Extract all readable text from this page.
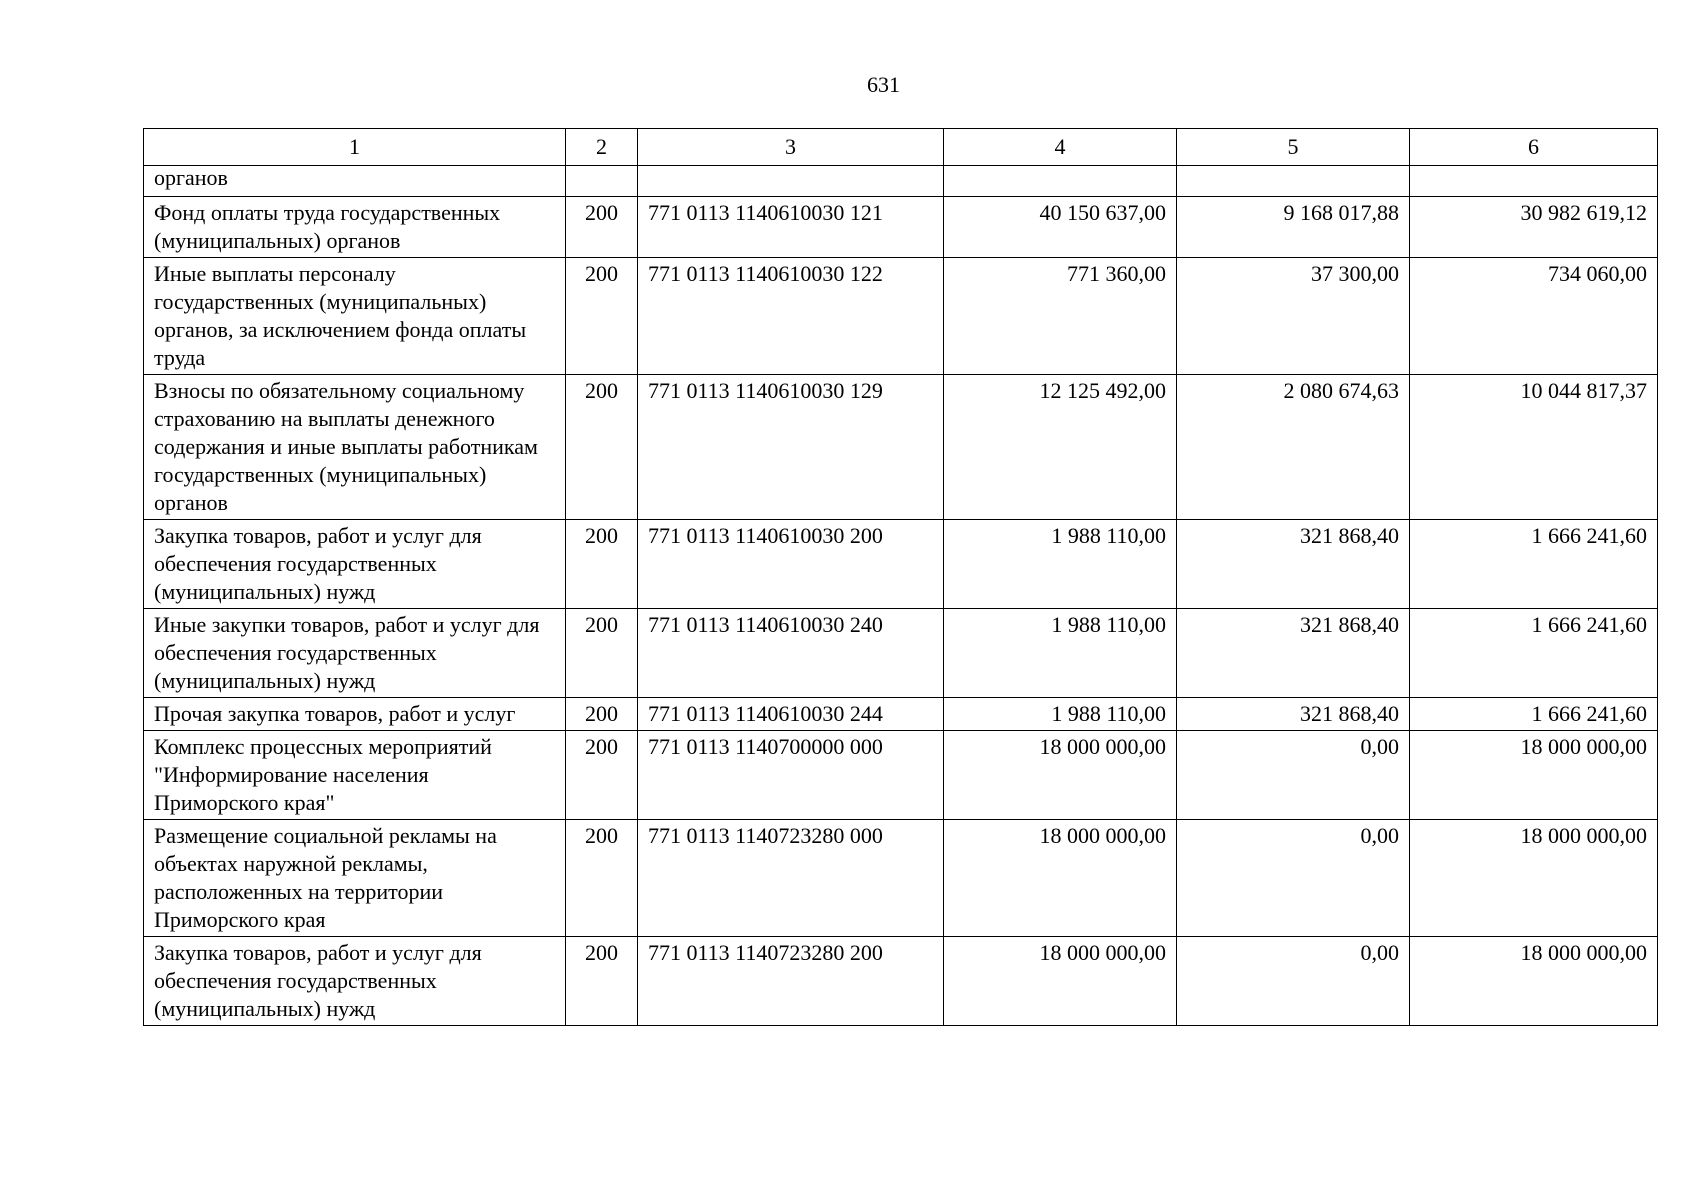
631
1	2	3	4	5	6
органов					
Фонд оплаты труда государственных (муниципальных) органов	200	771 0113 1140610030 121	40 150 637,00	9 168 017,88	30 982 619,12
Иные выплаты персоналу государственных (муниципальных) органов, за исключением фонда оплаты труда	200	771 0113 1140610030 122	771 360,00	37 300,00	734 060,00
Взносы по обязательному социальному страхованию на выплаты денежного содержания и иные выплаты работникам государственных (муниципальных) органов	200	771 0113 1140610030 129	12 125 492,00	2 080 674,63	10 044 817,37
Закупка товаров, работ и услуг для обеспечения государственных (муниципальных) нужд	200	771 0113 1140610030 200	1 988 110,00	321 868,40	1 666 241,60
Иные закупки товаров, работ и услуг для обеспечения государственных (муниципальных) нужд	200	771 0113 1140610030 240	1 988 110,00	321 868,40	1 666 241,60
Прочая закупка товаров, работ и услуг	200	771 0113 1140610030 244	1 988 110,00	321 868,40	1 666 241,60
Комплекс процессных мероприятий "Информирование населения Приморского края"	200	771 0113 1140700000 000	18 000 000,00	0,00	18 000 000,00
Размещение социальной рекламы на объектах наружной рекламы, расположенных на территории Приморского края	200	771 0113 1140723280 000	18 000 000,00	0,00	18 000 000,00
Закупка товаров, работ и услуг для обеспечения государственных (муниципальных) нужд	200	771 0113 1140723280 200	18 000 000,00	0,00	18 000 000,00
